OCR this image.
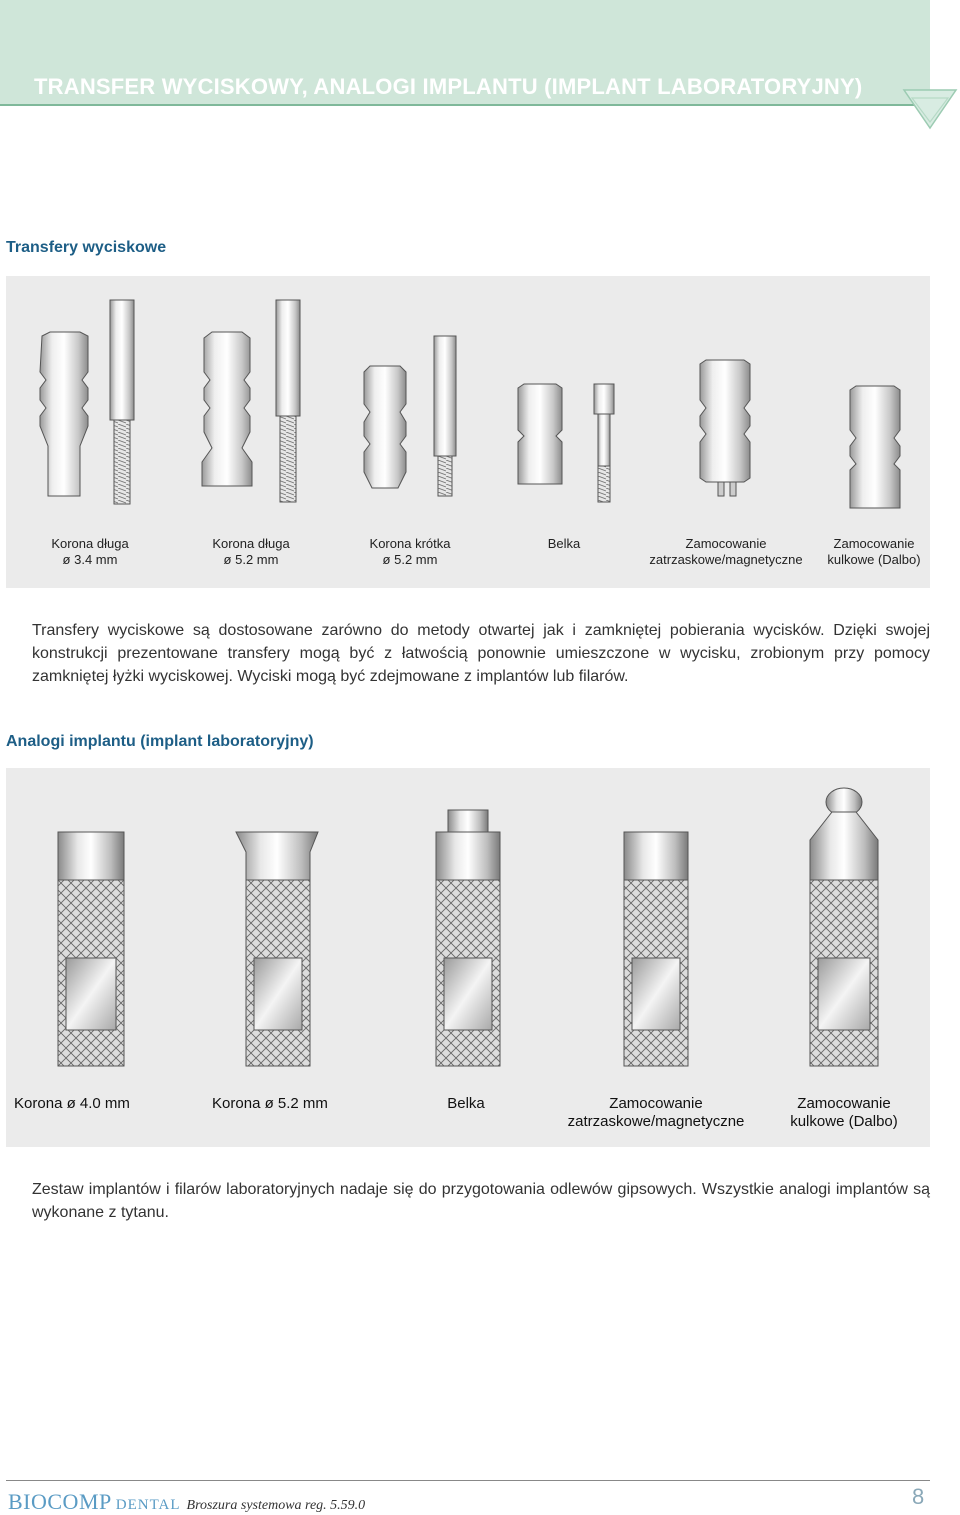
TRANSFER WYCISKOWY, ANALOGI IMPLANTU (IMPLANT LABORATORYJNY)
Transfery wyciskowe
Korona długa
ø 3.4 mm
Korona długa
ø 5.2 mm
Korona krótka
ø 5.2 mm
Belka	Zamocowanie
zatrzaskowe/magnetyczne
Zamocowanie
kulkowe (Dalbo)
Transfery wyciskowe są dostosowane zarówno do metody otwartej jak i zamkniętej pobierania wycisków. Dzięki swojej konstrukcji prezentowane transfery mogą być z łatwością ponownie umieszczone w wycisku, zrobionym przy pomocy zamkniętej łyżki wyciskowej. Wyciski mogą być zdejmowane z implantów lub filarów.
Analogi implantu (implant laboratoryjny)
Korona ø 4.0 mm	Korona ø 5.2 mm	Belka	Zamocowanie
zatrzaskowe/magnetyczne
Zamocowanie
kulkowe (Dalbo)
Zestaw implantów i filarów laboratoryjnych nadaje się do przygotowania odlewów gipsowych. Wszystkie analogi implantów są wykonane z tytanu.
BIOCOMP DENTAL Broszura systemowa reg. 5.59.0	8
